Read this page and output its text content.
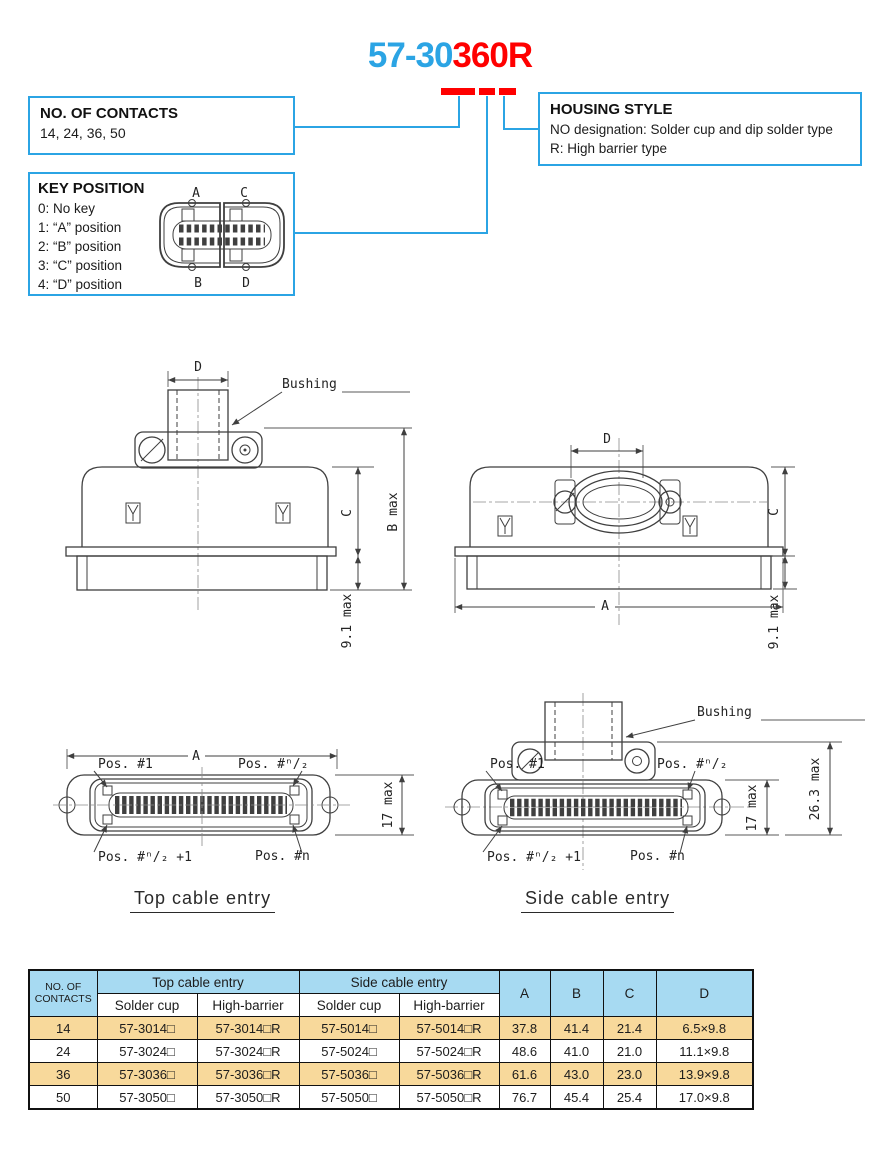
57-30360R
NO. OF CONTACTS
14, 24, 36, 50
HOUSING STYLE
NO designation: Solder cup and dip solder type
R: High barrier type
KEY POSITION
0: No key
1: “A” position
2: “B” position
3: “C” position
4: “D” position
A	C
B	D
D
Bushing
C B max
9.1 max
D
C
9.1 max
A
A
Pos. #1	Pos. #ⁿ/₂
Pos. #ⁿ/₂ +1	Pos. #n
17 max
Bushing
Pos. #1	Pos. #ⁿ/₂
Pos. #ⁿ/₂ +1	Pos. #n
17 max	26.3 max
Top cable entry	Side cable entry
NO. OF
CONTACTS	Top cable entry		Side cable entry		A	B	C	D
	Solder cup	High-barrier	Solder cup	High-barrier				
14	57-3014□	57-3014□R	57-5014□	57-5014□R	37.8	41.4	21.4	6.5×9.8
24	57-3024□	57-3024□R	57-5024□	57-5024□R	48.6	41.0	21.0	11.1×9.8
36	57-3036□	57-3036□R	57-5036□	57-5036□R	61.6	43.0	23.0	13.9×9.8
50	57-3050□	57-3050□R	57-5050□	57-5050□R	76.7	45.4	25.4	17.0×9.8
